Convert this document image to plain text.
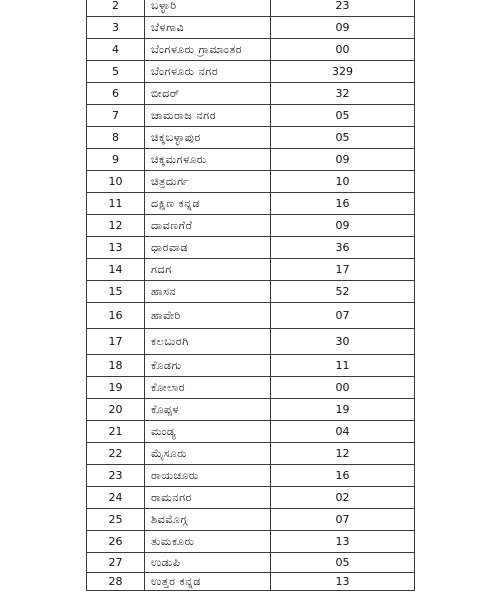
2	ಬಳ್ಳಾರಿ	23
3	ಬೆಳಗಾವಿ	09
4	ಬೆಂಗಳೂರು ಗ್ರಾಮಾಂತರ	00
5	ಬೆಂಗಳೂರು ನಗರ	329
6	ಬೀದರ್	32
7	ಚಾಮರಾಜ ನಗರ	05
8	ಚಿಕ್ಕಬಳ್ಳಾಪುರ	05
9	ಚಿಕ್ಕಮಗಳೂರು	09
10	ಚಿತ್ರದುರ್ಗ	10
11	ದಕ್ಷಿಣ ಕನ್ನಡ	16
12	ದಾವಣಗೆರೆ	09
13	ಧಾರವಾಡ	36
14	ಗದಗ	17
15	ಹಾಸನ	52
16	ಹಾವೇರಿ	07
17	ಕಲಬುರಗಿ	30
18	ಕೊಡಗು	11
19	ಕೋಲಾರ	00
20	ಕೊಪ್ಪಳ	19
21	ಮಂಡ್ಯ	04
22	ಮೈಸೂರು	12
23	ರಾಯಚೂರು	16
24	ರಾಮನಗರ	02
25	ಶಿವಮೊಗ್ಗ	07
26	ತುಮಕೂರು	13
27	ಉಡುಪಿ	05
28	ಉತ್ತರ ಕನ್ನಡ	13
